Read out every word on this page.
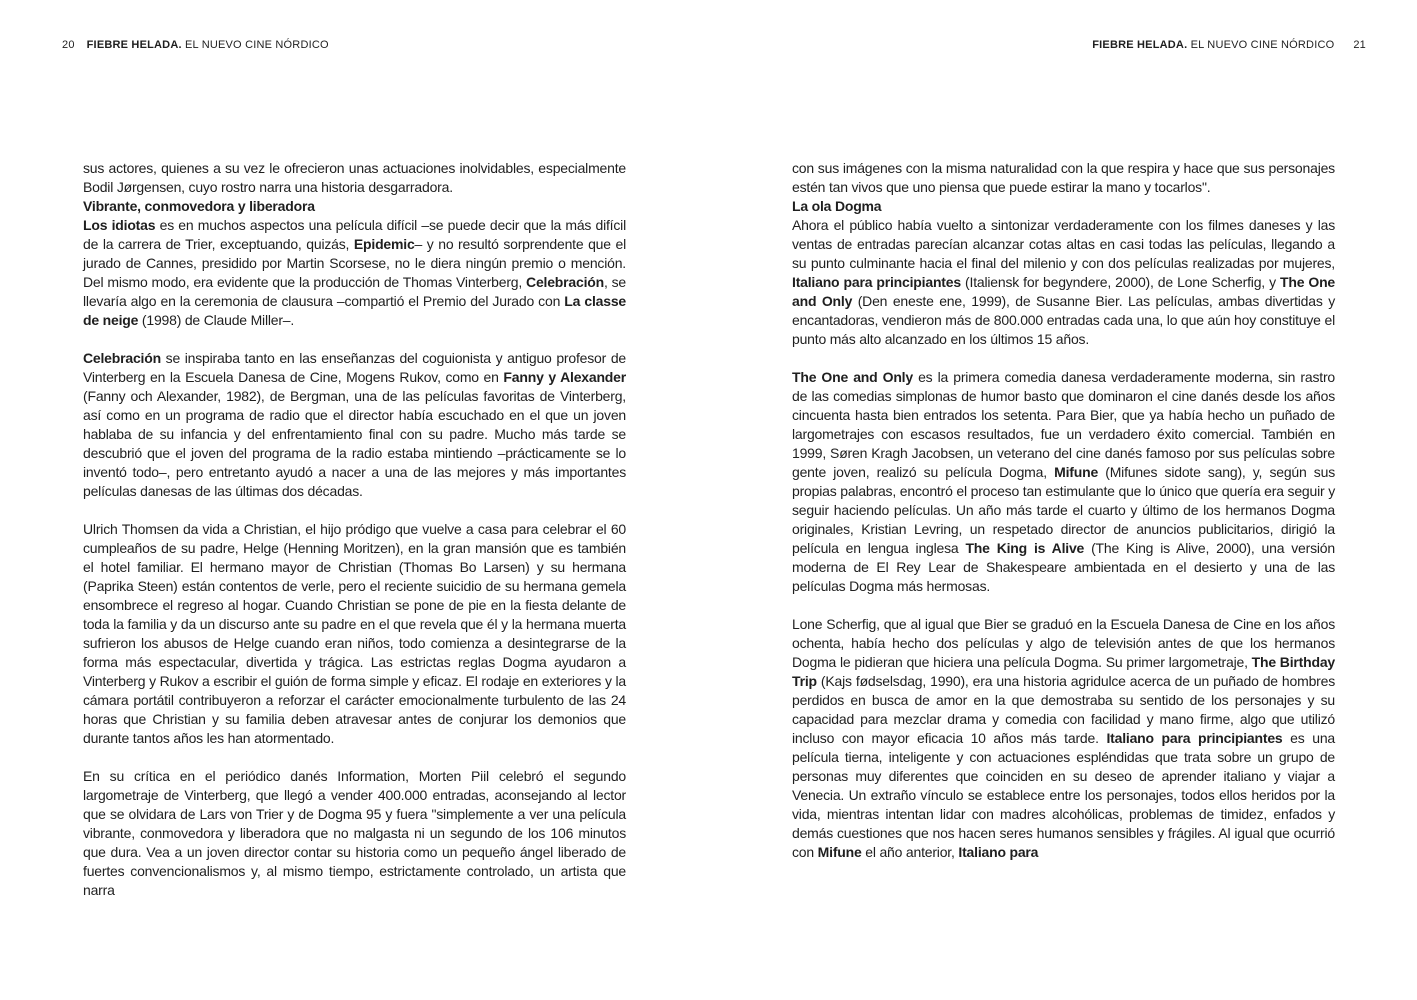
20 FIEBRE HELADA. EL NUEVO CINE NÓRDICO	FIEBRE HELADA. EL NUEVO CINE NÓRDICO 21

sus actores, quienes a su vez le ofrecieron unas actuaciones inolvidables, especialmente Bodil Jørgensen, cuyo rostro narra una historia desgarradora.

Vibrante, conmovedora y liberadora

Los idiotas es en muchos aspectos una película difícil –se puede decir que la más difícil de la carrera de Trier, exceptuando, quizás, Epidemic– y no resultó sorprendente que el jurado de Cannes, presidido por Martin Scorsese, no le diera ningún premio o mención. Del mismo modo, era evidente que la producción de Thomas Vinterberg, Celebración, se llevaría algo en la ceremonia de clausura –compartió el Premio del Jurado con La classe de neige (1998) de Claude Miller–.

Celebración se inspiraba tanto en las enseñanzas del coguionista y antiguo profesor de Vinterberg en la Escuela Danesa de Cine, Mogens Rukov, como en Fanny y Alexander (Fanny och Alexander, 1982), de Bergman, una de las películas favoritas de Vinterberg, así como en un programa de radio que el director había escuchado en el que un joven hablaba de su infancia y del enfrentamiento final con su padre. Mucho más tarde se descubrió que el joven del programa de la radio estaba mintiendo –prácticamente se lo inventó todo–, pero entretanto ayudó a nacer a una de las mejores y más importantes películas danesas de las últimas dos décadas.

Ulrich Thomsen da vida a Christian, el hijo pródigo que vuelve a casa para celebrar el 60 cumpleaños de su padre, Helge (Henning Moritzen), en la gran mansión que es también el hotel familiar. El hermano mayor de Christian (Thomas Bo Larsen) y su hermana (Paprika Steen) están contentos de verle, pero el reciente suicidio de su hermana gemela ensombrece el regreso al hogar. Cuando Christian se pone de pie en la fiesta delante de toda la familia y da un discurso ante su padre en el que revela que él y la hermana muerta sufrieron los abusos de Helge cuando eran niños, todo comienza a desintegrarse de la forma más espectacular, divertida y trágica. Las estrictas reglas Dogma ayudaron a Vinterberg y Rukov a escribir el guión de forma simple y eficaz. El rodaje en exteriores y la cámara portátil contribuyeron a reforzar el carácter emocionalmente turbulento de las 24 horas que Christian y su familia deben atravesar antes de conjurar los demonios que durante tantos años les han atormentado.

En su crítica en el periódico danés Information, Morten Piil celebró el segundo largometraje de Vinterberg, que llegó a vender 400.000 entradas, aconsejando al lector que se olvidara de Lars von Trier y de Dogma 95 y fuera "simplemente a ver una película vibrante, conmovedora y liberadora que no malgasta ni un segundo de los 106 minutos que dura. Vea a un joven director contar su historia como un pequeño ángel liberado de fuertes convencionalismos y, al mismo tiempo, estrictamente controlado, un artista que narra

con sus imágenes con la misma naturalidad con la que respira y hace que sus personajes estén tan vivos que uno piensa que puede estirar la mano y tocarlos".

La ola Dogma

Ahora el público había vuelto a sintonizar verdaderamente con los filmes daneses y las ventas de entradas parecían alcanzar cotas altas en casi todas las películas, llegando a su punto culminante hacia el final del milenio y con dos películas realizadas por mujeres, Italiano para principiantes (Italiensk for begyndere, 2000), de Lone Scherfig, y The One and Only (Den eneste ene, 1999), de Susanne Bier. Las películas, ambas divertidas y encantadoras, vendieron más de 800.000 entradas cada una, lo que aún hoy constituye el punto más alto alcanzado en los últimos 15 años.

The One and Only es la primera comedia danesa verdaderamente moderna, sin rastro de las comedias simplonas de humor basto que dominaron el cine danés desde los años cincuenta hasta bien entrados los setenta. Para Bier, que ya había hecho un puñado de largometrajes con escasos resultados, fue un verdadero éxito comercial. También en 1999, Søren Kragh Jacobsen, un veterano del cine danés famoso por sus películas sobre gente joven, realizó su película Dogma, Mifune (Mifunes sidote sang), y, según sus propias palabras, encontró el proceso tan estimulante que lo único que quería era seguir y seguir haciendo películas. Un año más tarde el cuarto y último de los hermanos Dogma originales, Kristian Levring, un respetado director de anuncios publicitarios, dirigió la película en lengua inglesa The King is Alive (The King is Alive, 2000), una versión moderna de El Rey Lear de Shakespeare ambientada en el desierto y una de las películas Dogma más hermosas.

Lone Scherfig, que al igual que Bier se graduó en la Escuela Danesa de Cine en los años ochenta, había hecho dos películas y algo de televisión antes de que los hermanos Dogma le pidieran que hiciera una película Dogma. Su primer largometraje, The Birthday Trip (Kajs fødselsdag, 1990), era una historia agridulce acerca de un puñado de hombres perdidos en busca de amor en la que demostraba su sentido de los personajes y su capacidad para mezclar drama y comedia con facilidad y mano firme, algo que utilizó incluso con mayor eficacia 10 años más tarde. Italiano para principiantes es una película tierna, inteligente y con actuaciones espléndidas que trata sobre un grupo de personas muy diferentes que coinciden en su deseo de aprender italiano y viajar a Venecia. Un extraño vínculo se establece entre los personajes, todos ellos heridos por la vida, mientras intentan lidar con madres alcohólicas, problemas de timidez, enfados y demás cuestiones que nos hacen seres humanos sensibles y frágiles. Al igual que ocurrió con Mifune el año anterior, Italiano para
